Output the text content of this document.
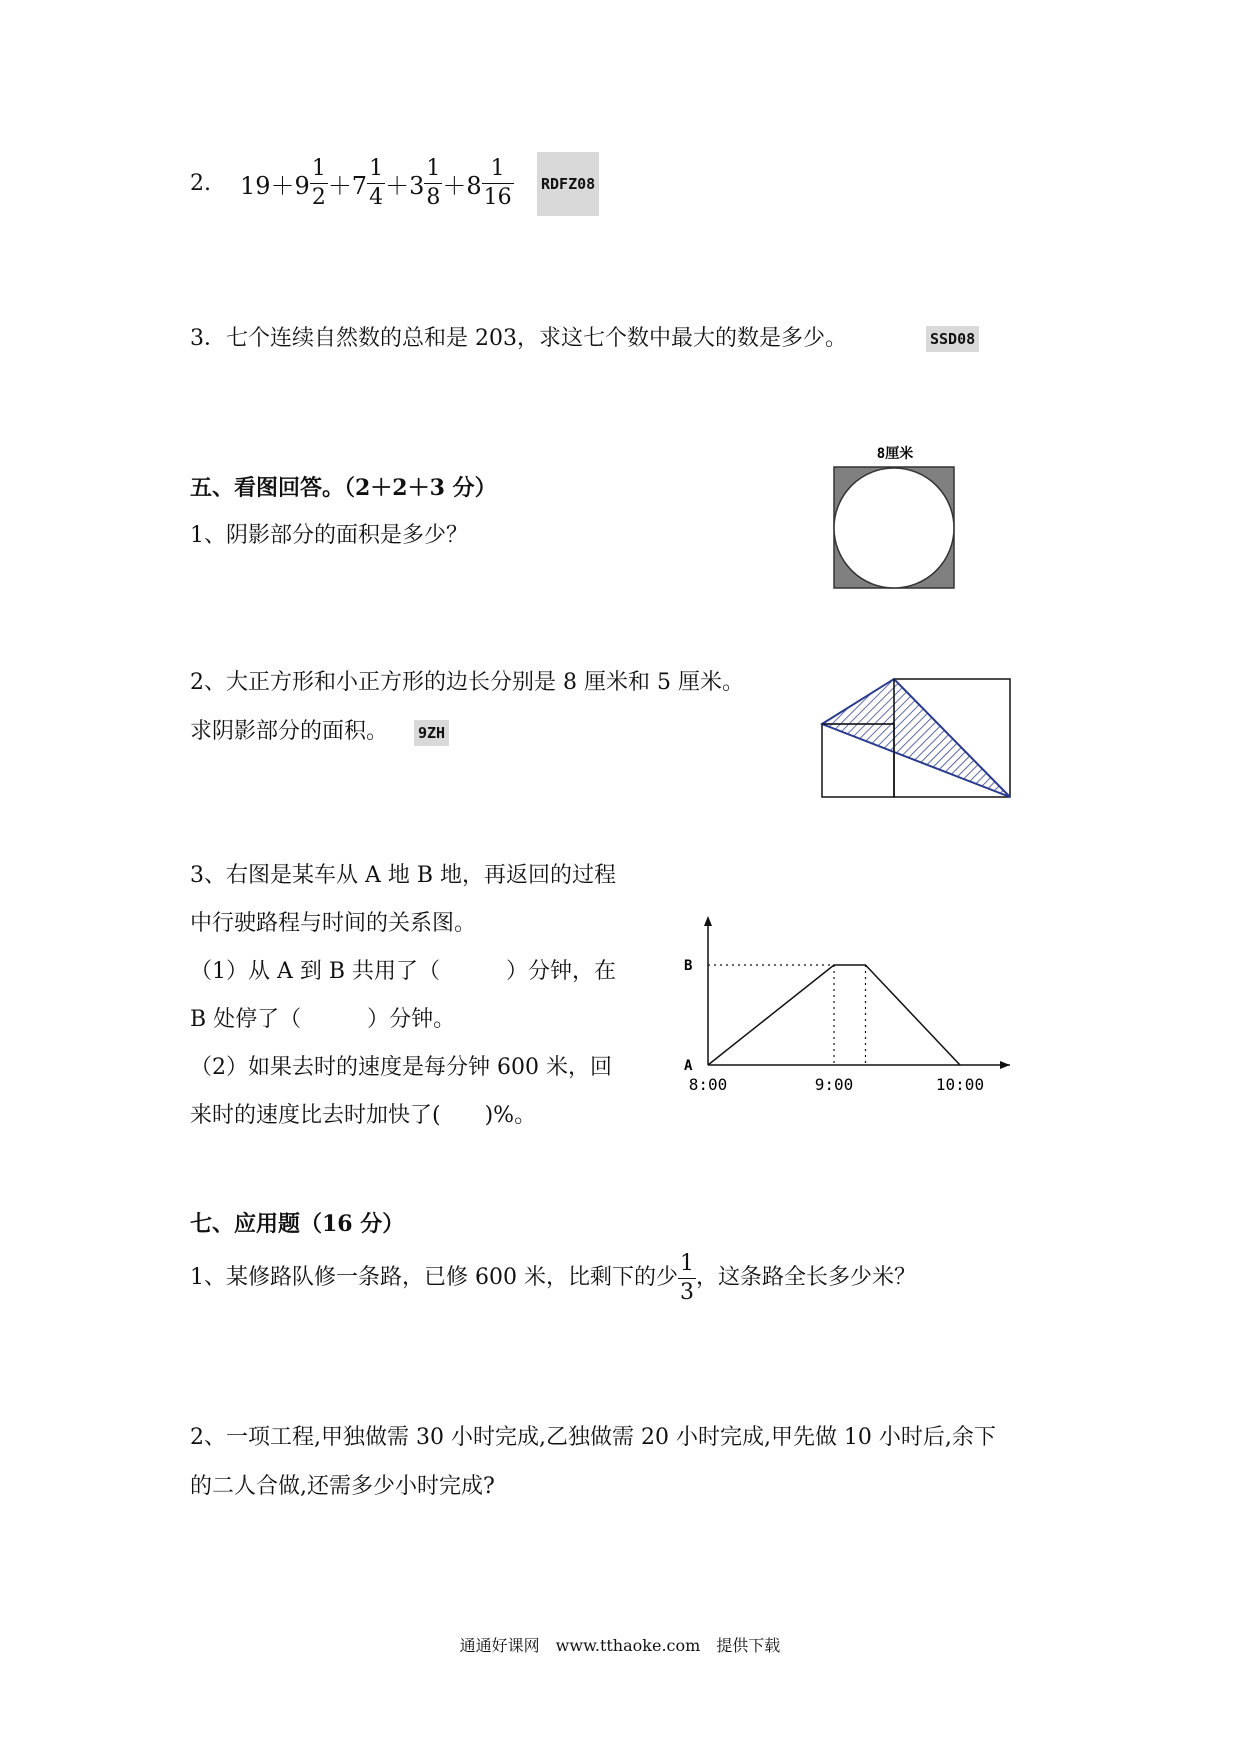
2. $19+9 \frac{1}{2} +7 \frac{1}{4} +3 \frac{1}{8} +8 \frac{1}{16}$ RDFZ08
3．七个连续自然数的总和是 203，求这七个数中最大的数是多少。	SSD08
五、看图回答。（2＋2＋3 分）
1、阴影部分的面积是多少？
8厘米
2、大正方形和小正方形的边长分别是 8 厘米和 5 厘米。
求阴影部分的面积。 9ZH
3、右图是某车从 A 地 B 地，再返回的过程
中行驶路程与时间的关系图。
（1）从 A 到 B 共用了（　　　）分钟，在
B 处停了（　　　）分钟。
（2）如果去时的速度是每分钟 600 米，回
来时的速度比去时加快了(　　)%。
A
B
8:00	9:00	10:00
七、应用题（16 分）
1、某修路队修一条路，已修 600 米，比剩下的少 $\frac{1}{3}$ ，这条路全长多少米？
2、一项工程,甲独做需 30 小时完成,乙独做需 20 小时完成,甲先做 10 小时后,余下
的二人合做,还需多少小时完成?
通通好课网　www.tthaoke.com　提供下载
